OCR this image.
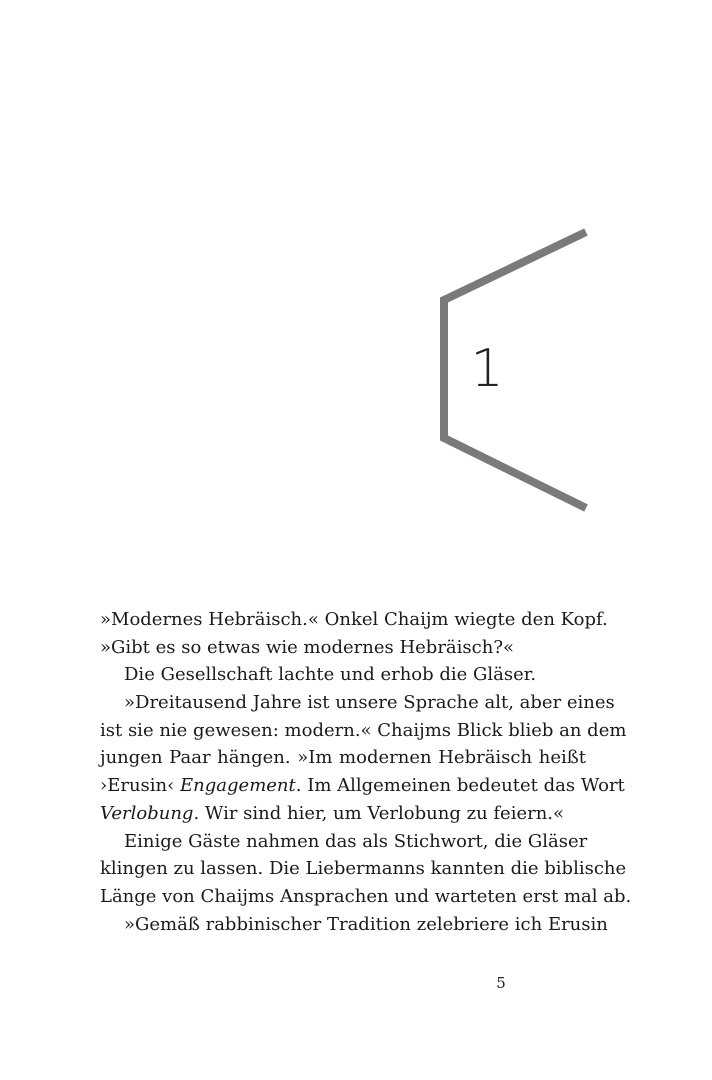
1
»Modernes Hebräisch.« Onkel Chaijm wiegte den Kopf.
»Gibt es so etwas wie modernes Hebräisch?«
Die Gesellschaft lachte und erhob die Gläser.
»Dreitausend Jahre ist unsere Sprache alt, aber eines
ist sie nie gewesen: modern.« Chaijms Blick blieb an dem
jungen Paar hängen. »Im modernen Hebräisch heißt
›Erusin‹ Engagement. Im Allgemeinen bedeutet das Wort
Verlobung. Wir sind hier, um Verlobung zu feiern.«
Einige Gäste nahmen das als Stichwort, die Gläser
klingen zu lassen. Die Liebermanns kannten die biblische
Länge von Chaijms Ansprachen und warteten erst mal ab.
»Gemäß rabbinischer Tradition zelebriere ich Erusin
5
